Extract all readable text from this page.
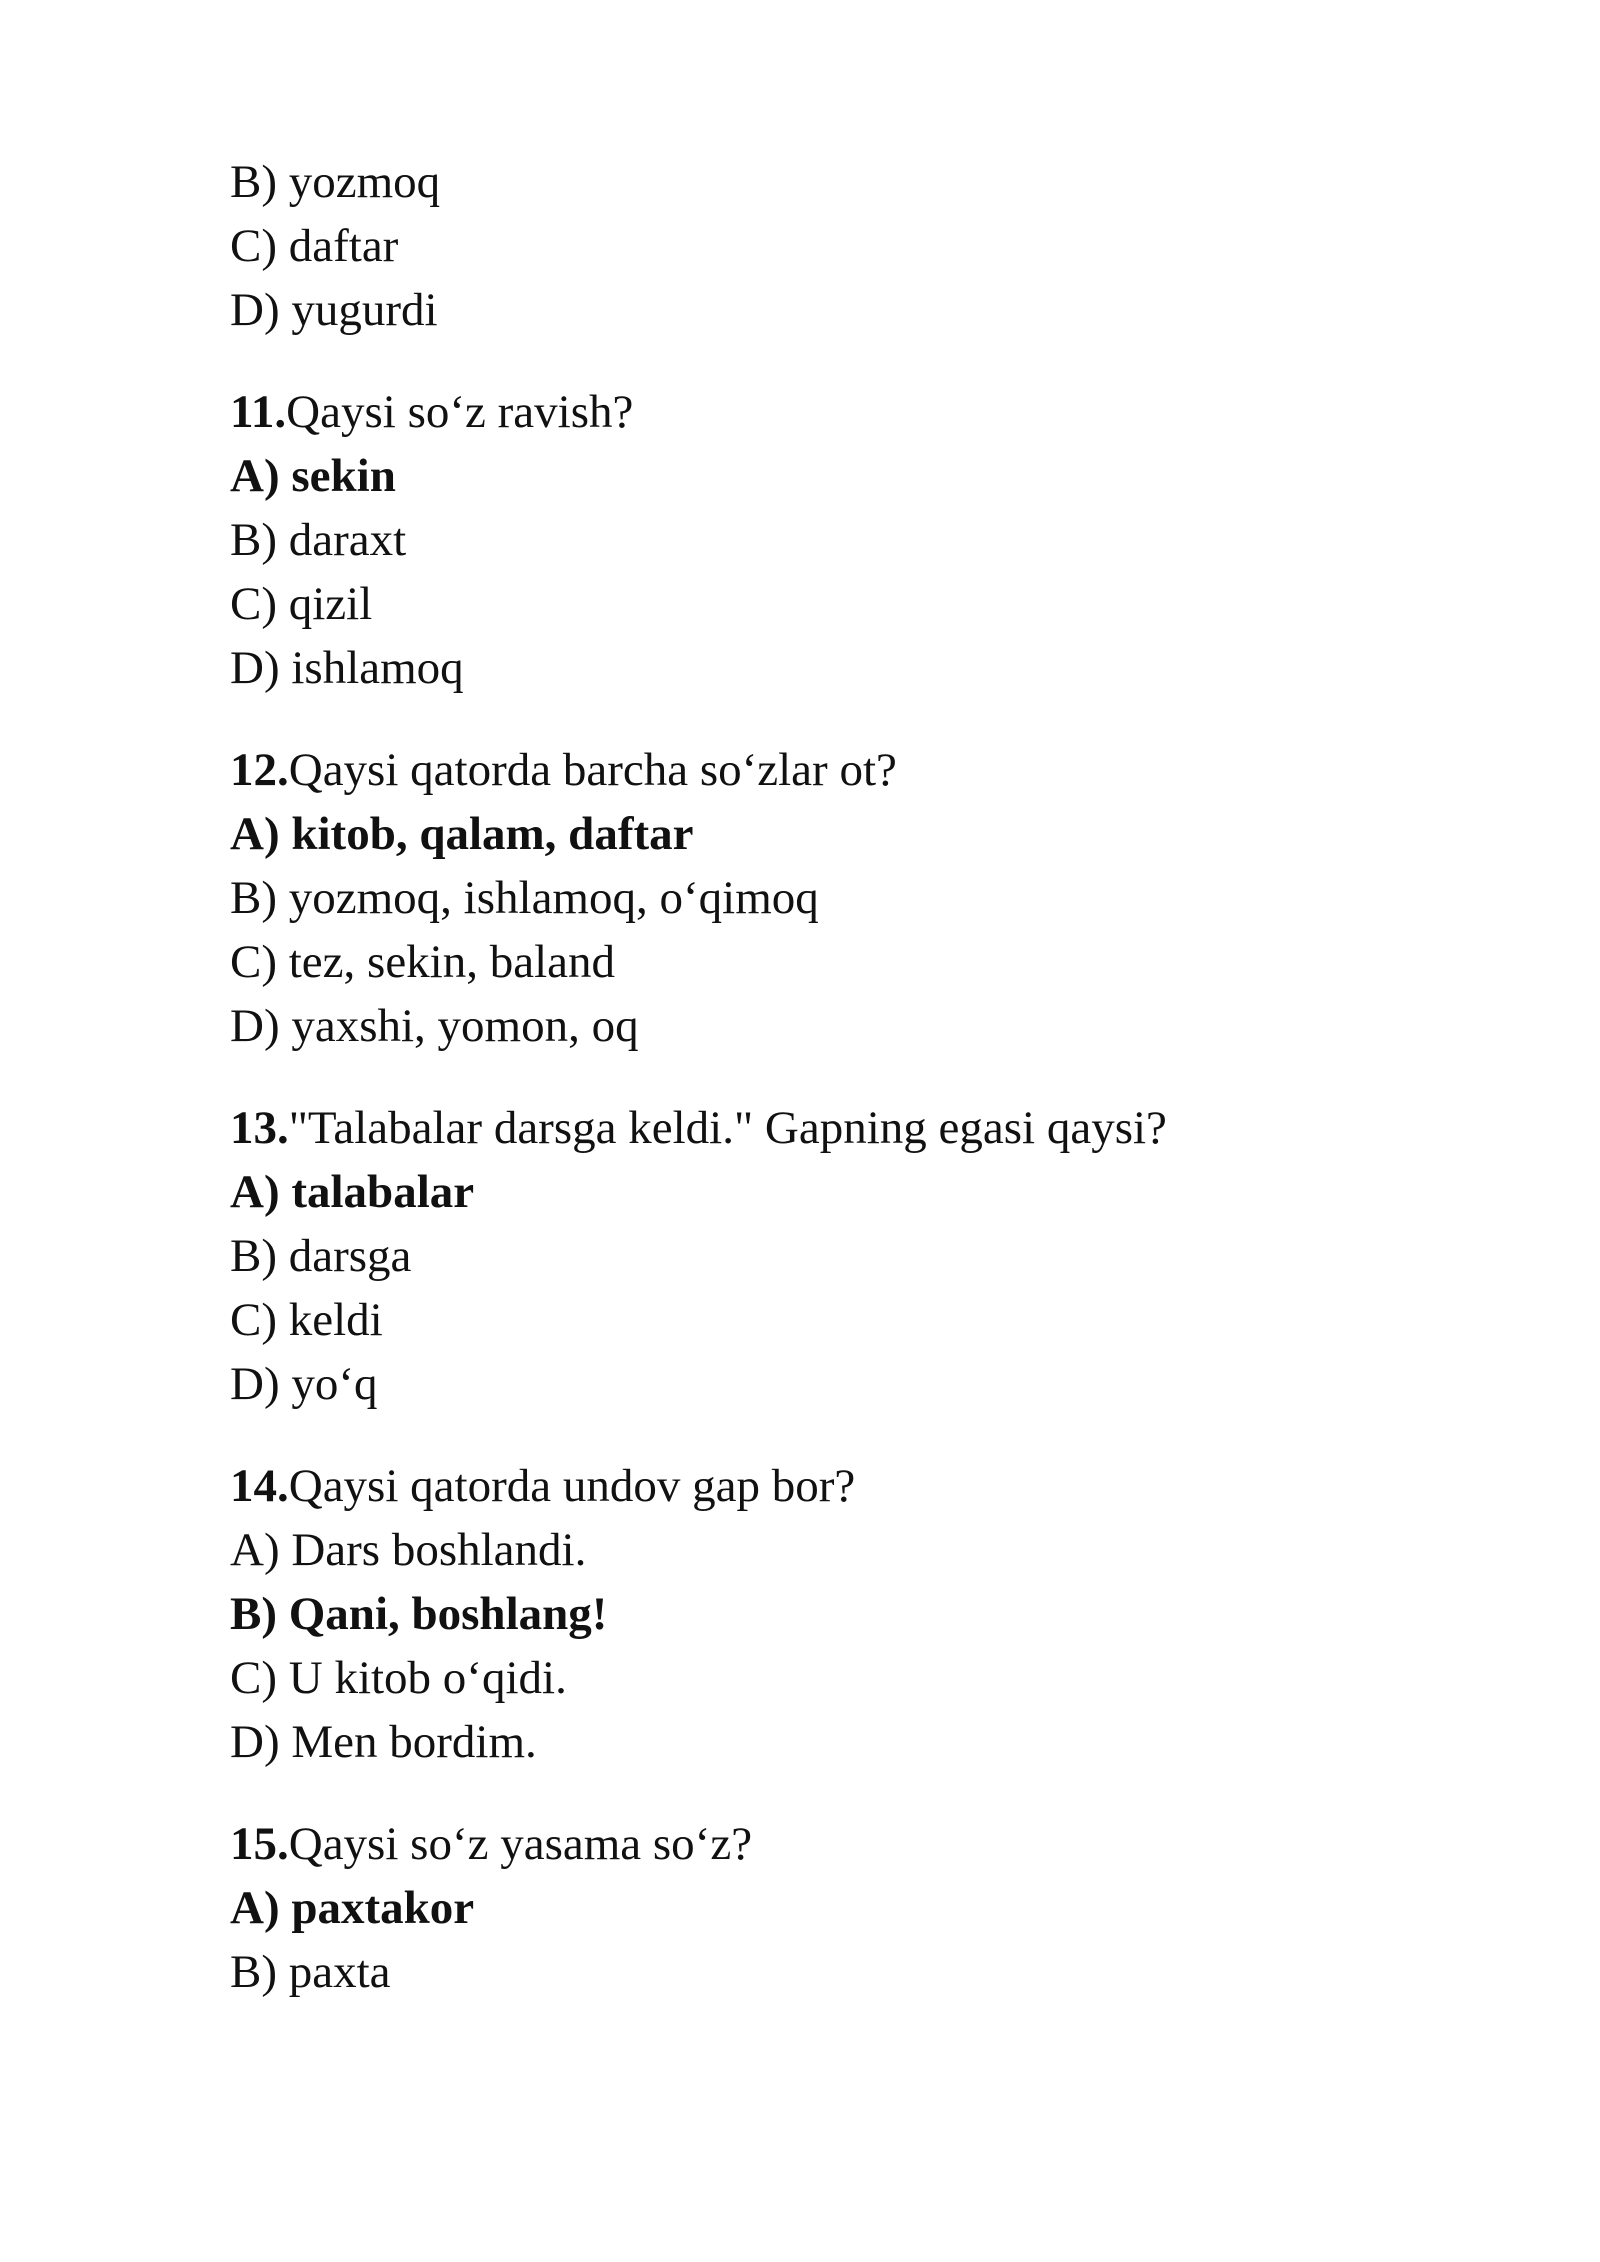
B) yozmoq
C) daftar
D) yugurdi
11.Qaysi so‘z ravish?
A) sekin
B) daraxt
C) qizil
D) ishlamoq
12.Qaysi qatorda barcha so‘zlar ot?
A) kitob, qalam, daftar
B) yozmoq, ishlamoq, o‘qimoq
C) tez, sekin, baland
D) yaxshi, yomon, oq
13."Talabalar darsga keldi." Gapning egasi qaysi?
A) talabalar
B) darsga
C) keldi
D) yo‘q
14.Qaysi qatorda undov gap bor?
A) Dars boshlandi.
B) Qani, boshlang!
C) U kitob o‘qidi.
D) Men bordim.
15.Qaysi so‘z yasama so‘z?
A) paxtakor
B) paxta
